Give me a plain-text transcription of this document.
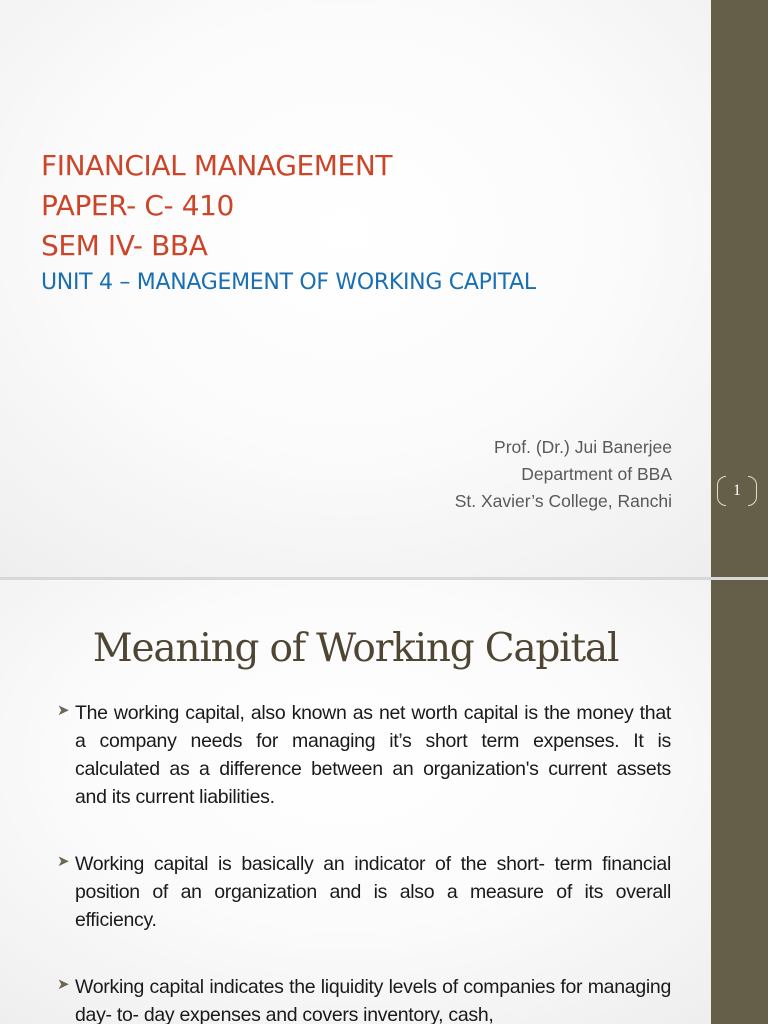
FINANCIAL MANAGEMENT
PAPER- C- 410
SEM IV- BBA
UNIT 4 – MANAGEMENT OF WORKING CAPITAL
Prof. (Dr.) Jui Banerjee
Department of BBA
St. Xavier’s College, Ranchi
1
Meaning of Working Capital
➤ The working capital, also known as net worth capital is the money that a company needs for managing it’s short term expenses. It is calculated as a difference between an organization's current assets and its current liabilities.
➤ Working capital is basically an indicator of the short- term financial position of an organization and is also a measure of its overall efficiency.
➤ Working capital indicates the liquidity levels of companies for managing day- to- day expenses and covers inventory, cash,
